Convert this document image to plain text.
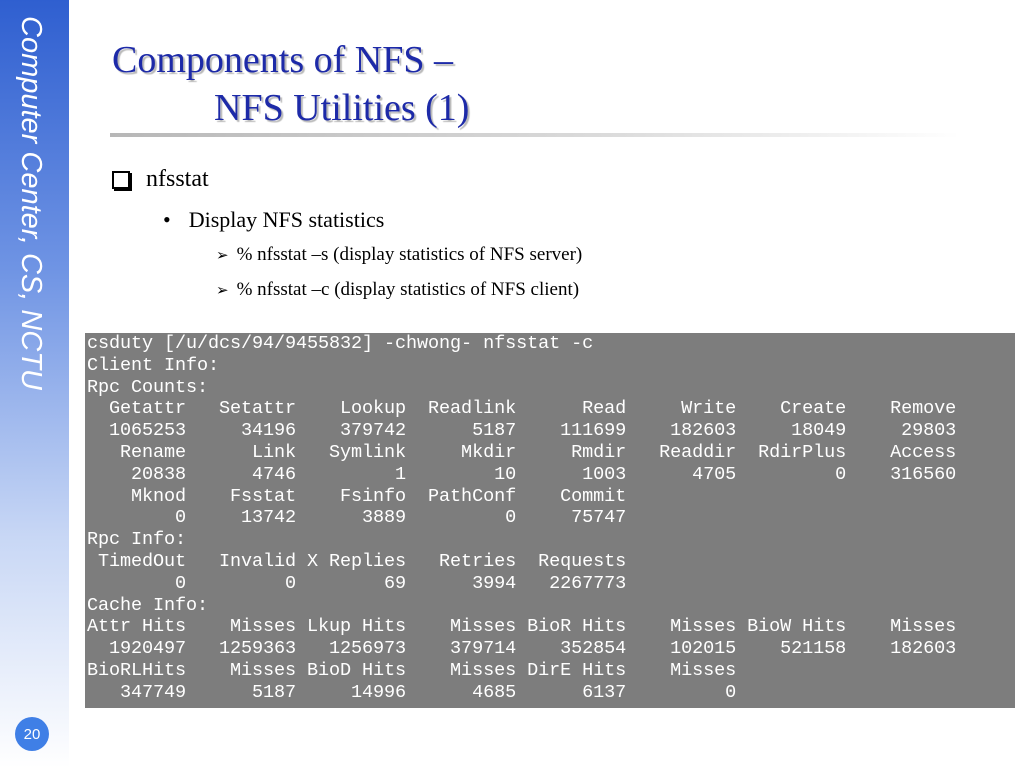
Computer Center, CS, NCTU
20
Components of NFS –
NFS Utilities (1)
nfsstat
• Display NFS statistics
➢ % nfsstat –s (display statistics of NFS server)
➢ % nfsstat –c (display statistics of NFS client)
csduty [/u/dcs/94/9455832] -chwong- nfsstat -c
Client Info:
Rpc Counts:
Getattr   Setattr    Lookup  Readlink      Read     Write    Create    Remove
1065253     34196    379742      5187    111699    182603     18049     29803
Rename      Link   Symlink     Mkdir     Rmdir   Readdir  RdirPlus    Access
20838      4746         1        10      1003      4705         0    316560
Mknod    Fsstat    Fsinfo  PathConf    Commit
0     13742      3889         0     75747
Rpc Info:
TimedOut   Invalid X Replies   Retries  Requests
0         0        69      3994   2267773
Cache Info:
Attr Hits    Misses Lkup Hits    Misses BioR Hits    Misses BioW Hits    Misses
1920497   1259363   1256973    379714    352854    102015    521158    182603
BioRLHits    Misses BioD Hits    Misses DirE Hits    Misses
347749      5187     14996      4685      6137         0
